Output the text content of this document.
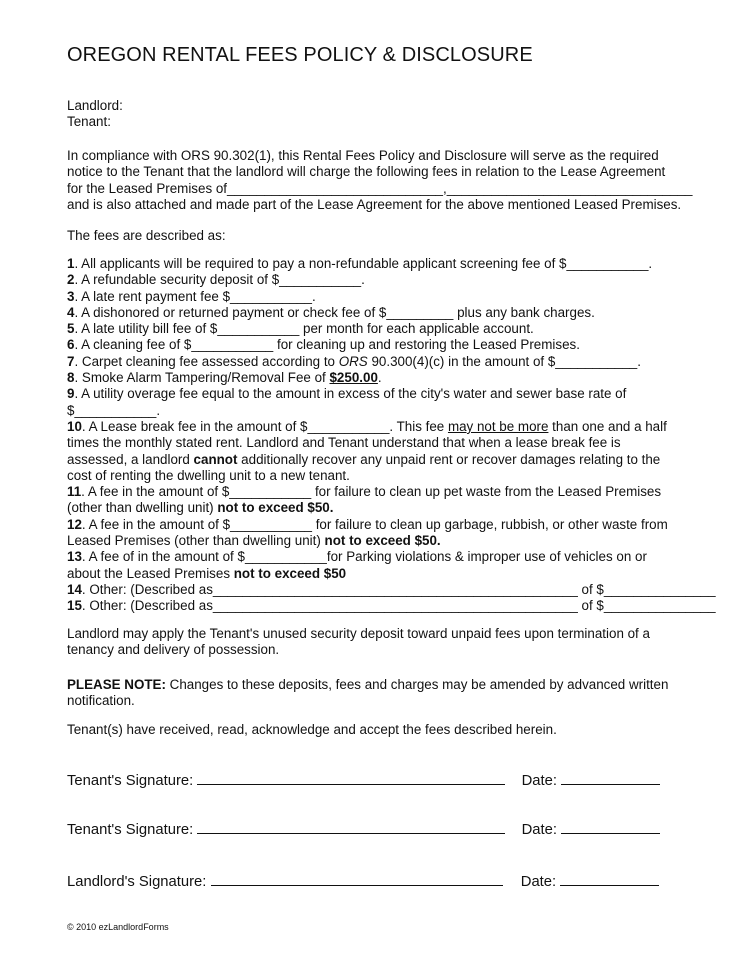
OREGON RENTAL FEES POLICY & DISCLOSURE
Landlord:
Tenant:
In compliance with ORS 90.302(1), this Rental Fees Policy and Disclosure will serve as the required
notice to the Tenant that the landlord will charge the following fees in relation to the Lease Agreement
for the Leased Premises of_____________________________,_________________________________
and is also attached and made part of the Lease Agreement for the above mentioned Leased Premises.
The fees are described as:
1. All applicants will be required to pay a non-refundable applicant screening fee of $___________.
2. A refundable security deposit of $___________.
3. A late rent payment fee $___________.
4. A dishonored or returned payment or check fee of $_________ plus any bank charges.
5. A late utility bill fee of $___________ per month for each applicable account.
6. A cleaning fee of $___________ for cleaning up and restoring the Leased Premises.
7. Carpet cleaning fee assessed according to ORS 90.300(4)(c) in the amount of $___________.
8. Smoke Alarm Tampering/Removal Fee of $250.00.
9. A utility overage fee equal to the amount in excess of the city's water and sewer base rate of
$___________.
10. A Lease break fee in the amount of $___________. This fee may not be more than one and a half
times the monthly stated rent. Landlord and Tenant understand that when a lease break fee is
assessed, a landlord cannot additionally recover any unpaid rent or recover damages relating to the
cost of renting the dwelling unit to a new tenant.
11. A fee in the amount of $___________ for failure to clean up pet waste from the Leased Premises
(other than dwelling unit) not to exceed $50.
12. A fee in the amount of $___________ for failure to clean up garbage, rubbish, or other waste from
Leased Premises (other than dwelling unit) not to exceed $50.
13. A fee of in the amount of $___________for Parking violations & improper use of vehicles on or
about the Leased Premises not to exceed $50
14. Other: (Described as_________________________________________________ of $_______________
15. Other: (Described as_________________________________________________ of $_______________
Landlord may apply the Tenant's unused security deposit toward unpaid fees upon termination of a
tenancy and delivery of possession.
PLEASE NOTE: Changes to these deposits, fees and charges may be amended by advanced written
notification.
Tenant(s) have received, read, acknowledge and accept the fees described herein.
Tenant's Signature:	Date:
Tenant's Signature:	Date:
Landlord's Signature:	Date:
© 2010 ezLandlordForms
